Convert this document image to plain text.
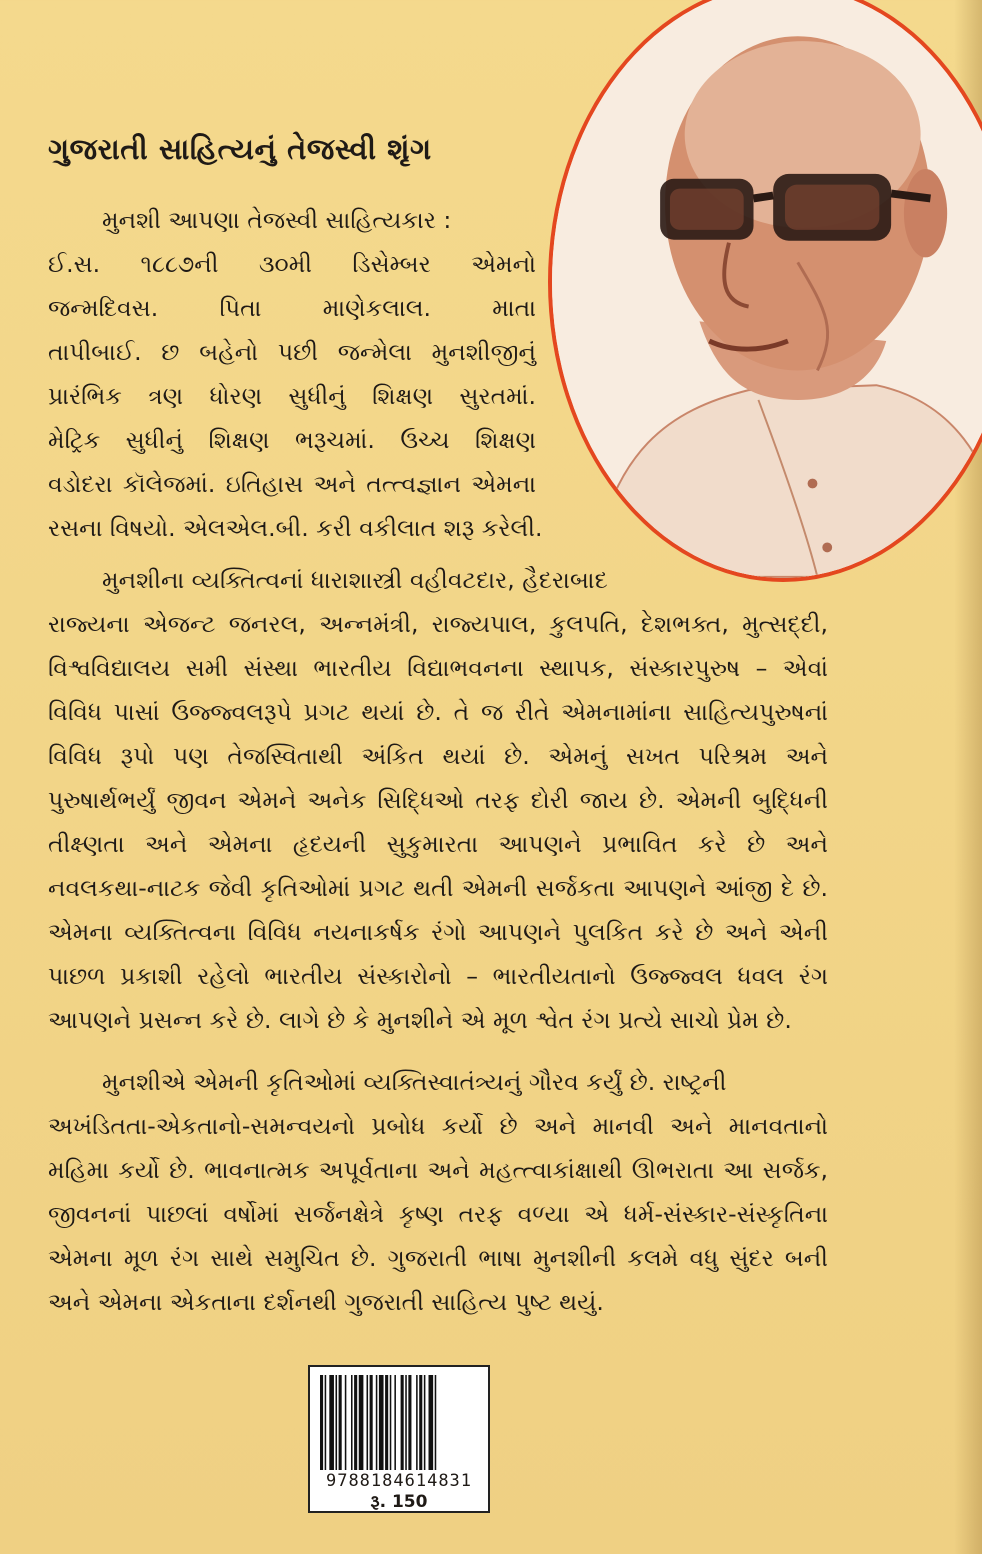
ગુજરાતી સાહિત્યનું તેજસ્વી શૃંગ
મુનશી આપણા તેજસ્વી સાહિત્યકાર :
ઈ.સ. ૧૮૮૭ની ૩૦મી ડિસેમ્બર એમનો
જન્મદિવસ. પિતા માણેકલાલ. માતા
તાપીબાઈ. છ બહેનો પછી જન્મેલા મુનશીજીનું
પ્રારંભિક ત્રણ ધોરણ સુધીનું શિક્ષણ સુરતમાં.
મેટ્રિક સુધીનું શિક્ષણ ભરૂચમાં. ઉચ્ચ શિક્ષણ
વડોદરા કૉલેજમાં. ઇતિહાસ અને તત્ત્વજ્ઞાન એમના
રસના વિષયો. એલએલ.બી. કરી વકીલાત શરૂ કરેલી.
મુનશીના વ્યક્તિત્વનાં ધારાશાસ્ત્રી વહીવટદાર, હૈદરાબાદ
રાજ્યના એજન્ટ જનરલ, અન્નમંત્રી, રાજ્યપાલ, કુલપતિ, દેશભક્ત, મુત્સદ્દી,
વિશ્વવિદ્યાલય સમી સંસ્થા ભારતીય વિદ્યાભવનના સ્થાપક, સંસ્કારપુરુષ – એવાં
વિવિધ પાસાં ઉજ્જ્વલરૂપે પ્રગટ થયાં છે. તે જ રીતે એમનામાંના સાહિત્યપુરુષનાં
વિવિધ રૂપો પણ તેજસ્વિતાથી અંકિત થયાં છે. એમનું સખત પરિશ્રમ અને
પુરુષાર્થભર્યું જીવન એમને અનેક સિદ્ધિઓ તરફ દોરી જાય છે. એમની બુદ્ધિની
તીક્ષ્ણતા અને એમના હૃદયની સુકુમારતા આપણને પ્રભાવિત કરે છે અને
નવલકથા-નાટક જેવી કૃતિઓમાં પ્રગટ થતી એમની સર્જકતા આપણને આંજી દે છે.
એમના વ્યક્તિત્વના વિવિધ નયનાકર્ષક રંગો આપણને પુલકિત કરે છે અને એની
પાછળ પ્રકાશી રહેલો ભારતીય સંસ્કારોનો – ભારતીયતાનો ઉજ્જ્વલ ધવલ રંગ
આપણને પ્રસન્ન કરે છે. લાગે છે કે મુનશીને એ મૂળ શ્વેત રંગ પ્રત્યે સાચો પ્રેમ છે.
મુનશીએ એમની કૃતિઓમાં વ્યક્તિસ્વાતંત્ર્યનું ગૌરવ કર્યું છે. રાષ્ટ્રની
અખંડિતતા-એકતાનો-સમન્વયનો પ્રબોધ કર્યો છે અને માનવી અને માનવતાનો
મહિમા કર્યો છે. ભાવનાત્મક અપૂર્વતાના અને મહત્ત્વાકાંક્ષાથી ઊભરાતા આ સર્જક,
જીવનનાં પાછલાં વર્ષોમાં સર્જનક્ષેત્રે કૃષ્ણ તરફ વળ્યા એ ધર્મ-સંસ્કાર-સંસ્કૃતિના
એમના મૂળ રંગ સાથે સમુચિત છે. ગુજરાતી ભાષા મુનશીની કલમે વધુ સુંદર બની
અને એમના એકતાના દર્શનથી ગુજરાતી સાહિત્ય પુષ્ટ થયું.
9788184614831
રૂ. 150
